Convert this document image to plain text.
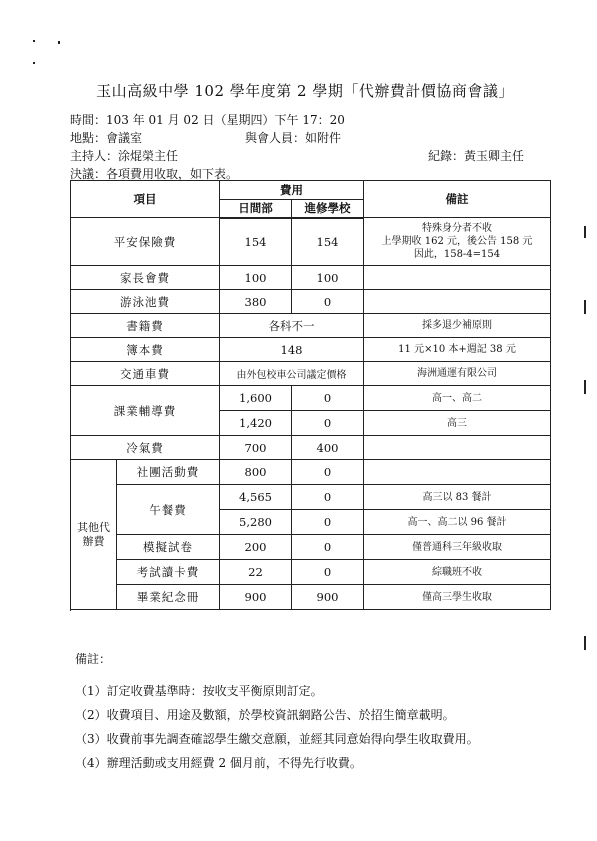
玉山高級中學 102 學年度第 2 學期「代辦費計價協商會議」
時間：103 年 01 月 02 日（星期四）下午 17：20
地點：會議室	與會人員：如附件
主持人：涂焜榮主任	紀錄：黃玉卿主任
決議：各項費用收取，如下表。
項目		費用		備註
		日間部	進修學校	
平安保險費		154	154	特殊身分者不收
上學期收 162 元，後公告 158 元
因此，158-4=154

家長會費		100	100	
游泳池費		380	0	
書籍費		各科不一		採多退少補原則
簿本費		148		11 元×10 本+週記 38 元
交通車費		由外包校車公司議定價格		海洲通運有限公司
課業輔導費		1,600	0	高一、高二
		1,420	0	高三
冷氣費		700	400	

其他代
辦費	社團活動費	800	0	
	午餐費	4,565	0	高三以 83 餐計
		5,280	0	高一、高二以 96 餐計
	模擬試卷	200	0	僅普通科三年級收取
	考試讀卡費	22	0	綜職班不收
	畢業紀念冊	900	900	僅高三學生收取

備註：
（1）訂定收費基準時：按收支平衡原則訂定。
（2）收費項目、用途及數額，於學校資訊網路公告、於招生簡章載明。
（3）收費前事先調查確認學生繳交意願，並經其同意始得向學生收取費用。
（4）辦理活動或支用經費 2 個月前，不得先行收費。
